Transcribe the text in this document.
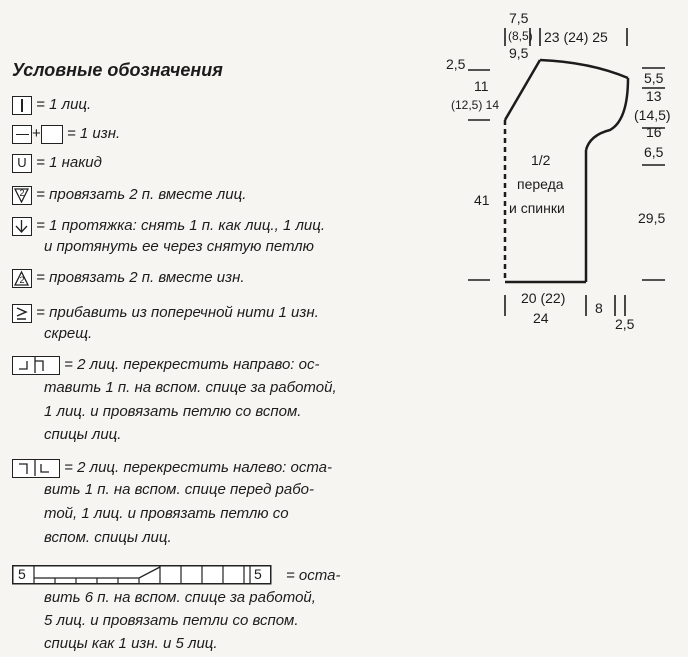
Условные обозначения
= 1 лиц.
+ = 1 изн.
U = 1 накид
$^2$ = провязать 2 п. вместе лиц.
= 1 протяжка: снять 1 п. как лиц., 1 лиц.
и протянуть ее через снятую петлю
2 = провязать 2 п. вместе изн.
= прибавить из поперечной нити 1 изн.
скрещ.
= 2 лиц. перекрестить направо: ос-
тавить 1 п. на вспом. спице за работой,
1 лиц. и провязать петлю со вспом.
спицы лиц.
= 2 лиц. перекрестить налево: оста-
вить 1 п. на вспом. спице перед рабо-
той, 1 лиц. и провязать петлю со
вспом. спицы лиц.
5	5 = оста-
вить 6 п. на вспом. спице за работой,
5 лиц. и провязать петли со вспом.
спицы как 1 изн. и 5 лиц.
1/2
переда
и спинки
7,5
(8,5)
9,5
23 (24) 25
2,5
11
(12,5) 14
41
5,5
13
(14,5)
16
6,5
29,5
20 (22)
24
8
2,5
